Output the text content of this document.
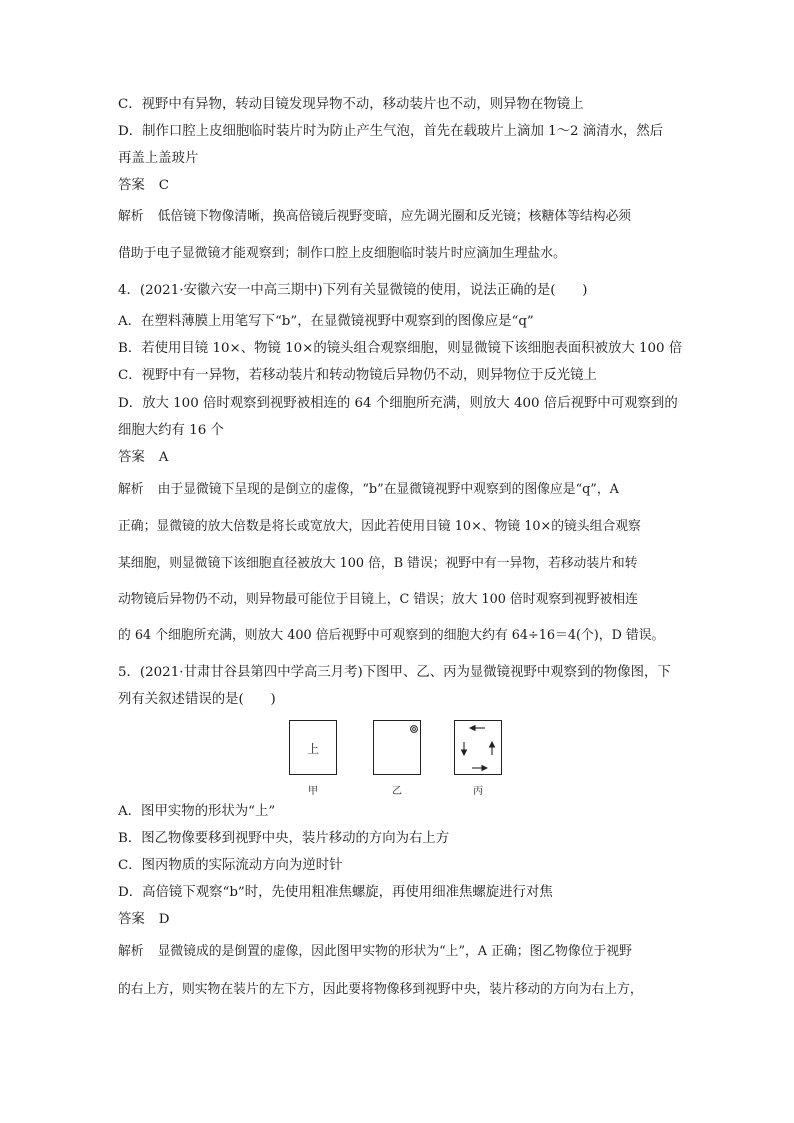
C．视野中有异物，转动目镜发现异物不动，移动装片也不动，则异物在物镜上
D．制作口腔上皮细胞临时装片时为防止产生气泡，首先在载玻片上滴加 1～2 滴清水，然后
再盖上盖玻片
答案 C
解析 低倍镜下物像清晰，换高倍镜后视野变暗，应先调光圈和反光镜；核糖体等结构必须
借助于电子显微镜才能观察到；制作口腔上皮细胞临时装片时应滴加生理盐水。
4．(2021·安徽六安一中高三期中)下列有关显微镜的使用，说法正确的是(　　)
A．在塑料薄膜上用笔写下“b”，在显微镜视野中观察到的图像应是“q”
B．若使用目镜 10×、物镜 10×的镜头组合观察细胞，则显微镜下该细胞表面积被放大 100 倍
C．视野中有一异物，若移动装片和转动物镜后异物仍不动，则异物位于反光镜上
D．放大 100 倍时观察到视野被相连的 64 个细胞所充满，则放大 400 倍后视野中可观察到的
细胞大约有 16 个
答案 A
解析 由于显微镜下呈现的是倒立的虚像，“b”在显微镜视野中观察到的图像应是“q”，A
正确；显微镜的放大倍数是将长或宽放大，因此若使用目镜 10×、物镜 10×的镜头组合观察
某细胞，则显微镜下该细胞直径被放大 100 倍，B 错误；视野中有一异物，若移动装片和转
动物镜后异物仍不动，则异物最可能位于目镜上，C 错误；放大 100 倍时观察到视野被相连
的 64 个细胞所充满，则放大 400 倍后视野中可观察到的细胞大约有 64÷16＝4(个)，D 错误。
5．(2021·甘肃甘谷县第四中学高三月考)下图甲、乙、丙为显微镜视野中观察到的物像图，下
列有关叙述错误的是(　　)
上
甲	乙	丙
A．图甲实物的形状为“上”
B．图乙物像要移到视野中央，装片移动的方向为右上方
C．图丙物质的实际流动方向为逆时针
D．高倍镜下观察“b”时，先使用粗准焦螺旋，再使用细准焦螺旋进行对焦
答案 D
解析 显微镜成的是倒置的虚像，因此图甲实物的形状为“上”，A 正确；图乙物像位于视野
的右上方，则实物在装片的左下方，因此要将物像移到视野中央，装片移动的方向为右上方，
